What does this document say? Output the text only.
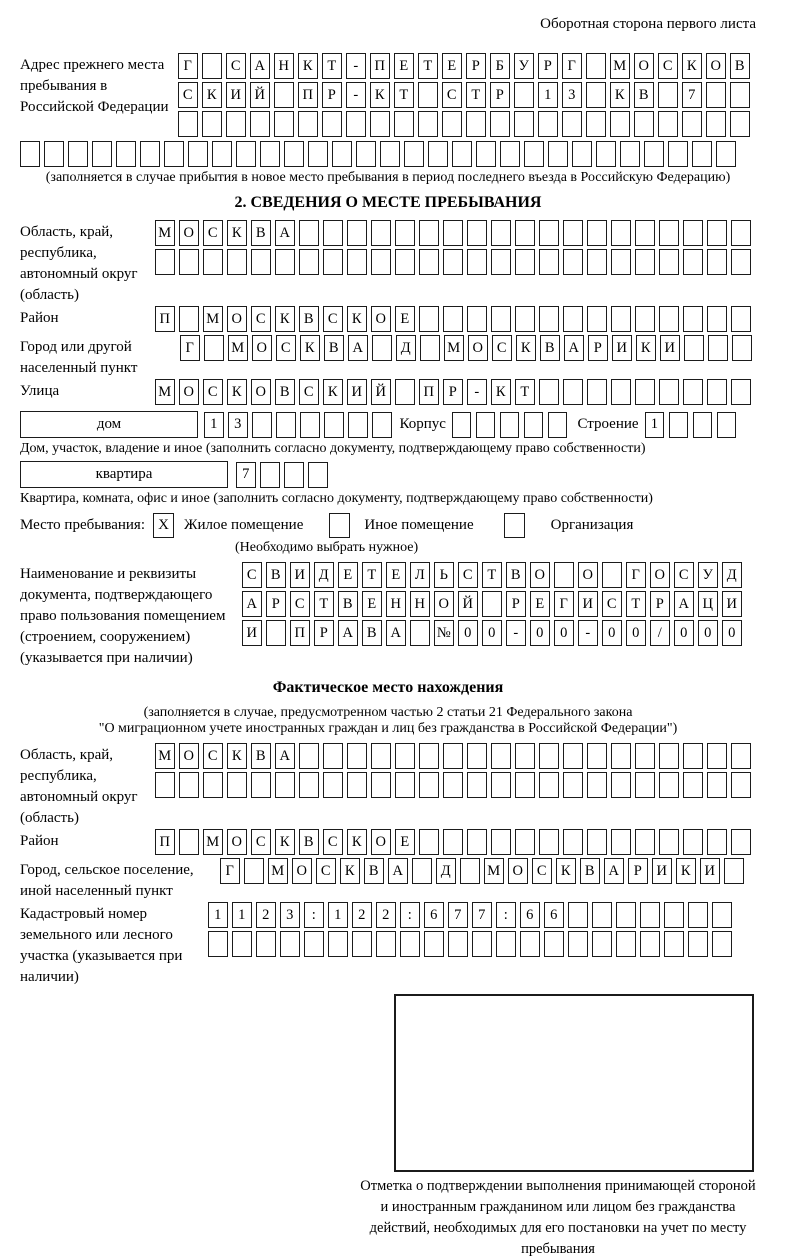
Оборотная сторона первого листа
Адрес прежнего места пребывания в Российской Федерации
Г	С А Н К	Т	-	П Е	Т	Е	Р	Б	У	Р	Г	М О С К О В
С К И Й	П	Р	-	К	Т	С	Т	Р	1	3	К В	7
(заполняется в случае прибытия в новое место пребывания в период последнего въезда в Российскую Федерацию)
2. СВЕДЕНИЯ О МЕСТЕ ПРЕБЫВАНИЯ
Область, край, республика, автономный округ (область)
М О С К В А
Район	П	М О С К В С К О Е
Город или другой населенный пункт
Г	М О С К В А	Д	М О С К В А	Р	И К И
Улица	М О С К О В С К И Й	П	Р	-	К	Т
дом	1	3	Корпус	Строение 1
Дом, участок, владение и иное (заполнить согласно документу, подтверждающему право собственности)
квартира	7
Квартира, комната, офис и иное (заполнить согласно документу, подтверждающему право собственности)
Место пребывания: X	Жилое помещение	Иное помещение	Организация
(Необходимо выбрать нужное)
Наименование и реквизиты документа, подтверждающего право пользования помещением (строением, сооружением) (указывается при наличии)
С В И Д	Е	Т	Е	Л	Ь	С	Т	В О	О	Г	О С У Д
А	Р	С	Т	В	Е Н Н О Й	Р	Е	Г	И С	Т	Р	А Ц И
И	П	Р	А В А	№ 0	0	-	0	0	-	0	0	/	0	0	0
Фактическое место нахождения
(заполняется в случае, предусмотренном частью 2 статьи 21 Федерального закона
"О миграционном учете иностранных граждан и лиц без гражданства в Российской Федерации")
Область, край, республика, автономный округ (область)
М О С К В А
Район	П	М О С К В С К О Е
Город, сельское поселение, иной населенный пункт
Г	М О С К В А	Д	М О С К В А	Р	И К И
Кадастровый номер земельного или лесного участка (указывается при наличии)
1	1	2	3	:	1	2	2	:	6	7	7	:	6	6
Отметка о подтверждении выполнения принимающей стороной и иностранным гражданином или лицом без гражданства действий, необходимых для его постановки на учет по месту пребывания
